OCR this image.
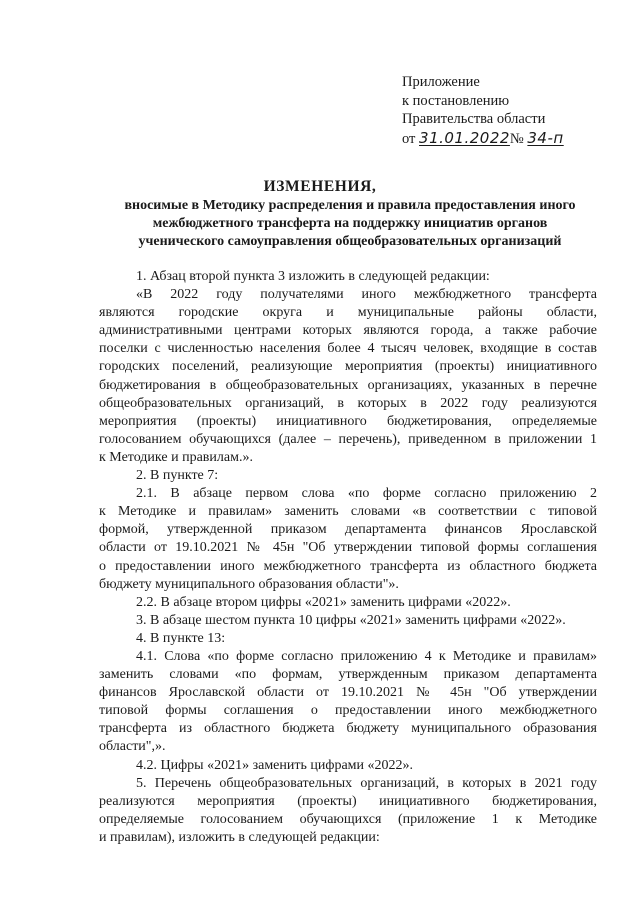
Приложение
к постановлению
Правительства области
от 31.01.2022№ 34-п
ИЗМЕНЕНИЯ,
вносимые в Методику распределения и правила предоставления иного
межбюджетного трансферта на поддержку инициатив органов
ученического самоуправления общеобразовательных организаций
1. Абзац второй пункта 3 изложить в следующей редакции:
«В 2022 году получателями иного межбюджетного трансферта
являются городские округа и муниципальные районы области,
административными центрами которых являются города, а также рабочие
поселки с численностью населения более 4 тысяч человек, входящие в состав
городских поселений, реализующие мероприятия (проекты) инициативного
бюджетирования в общеобразовательных организациях, указанных в перечне
общеобразовательных организаций, в которых в 2022 году реализуются
мероприятия (проекты) инициативного бюджетирования, определяемые
голосованием обучающихся (далее – перечень), приведенном в приложении 1
к Методике и правилам.».
2. В пункте 7:
2.1. В абзаце первом слова «по форме согласно приложению 2
к Методике и правилам» заменить словами «в соответствии с типовой
формой, утвержденной приказом департамента финансов Ярославской
области от 19.10.2021 № 45н "Об утверждении типовой формы соглашения
о предоставлении иного межбюджетного трансферта из областного бюджета
бюджету муниципального образования области"».
2.2. В абзаце втором цифры «2021» заменить цифрами «2022».
3. В абзаце шестом пункта 10 цифры «2021» заменить цифрами «2022».
4. В пункте 13:
4.1. Слова «по форме согласно приложению 4 к Методике и правилам»
заменить словами «по формам, утвержденным приказом департамента
финансов Ярославской области от 19.10.2021 № 45н "Об утверждении
типовой формы соглашения о предоставлении иного межбюджетного
трансферта из областного бюджета бюджету муниципального образования
области",».
4.2. Цифры «2021» заменить цифрами «2022».
5. Перечень общеобразовательных организаций, в которых в 2021 году
реализуются мероприятия (проекты) инициативного бюджетирования,
определяемые голосованием обучающихся (приложение 1 к Методике
и правилам), изложить в следующей редакции:
